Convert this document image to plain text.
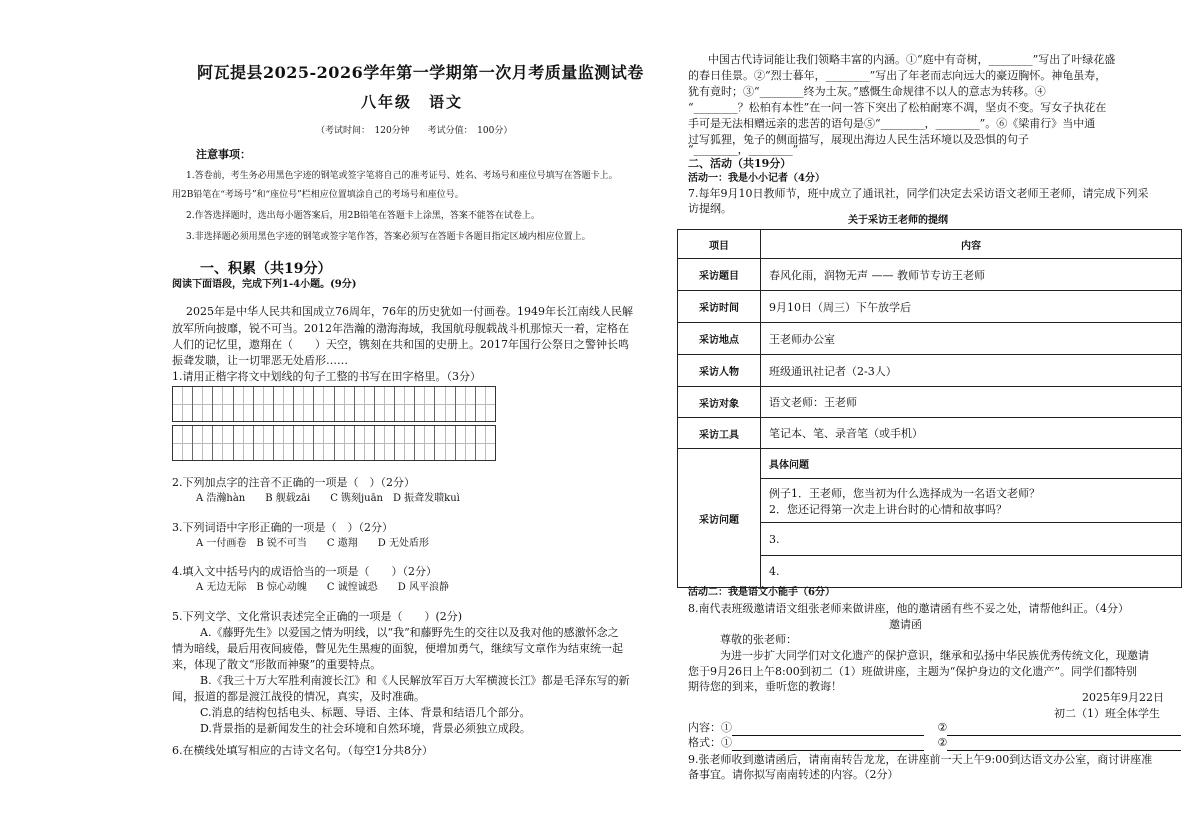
阿瓦提县2025-2026学年第一学期第一次月考质量监测试卷
八年级　语文
（考试时间：　120分钟　　考试分值：　100分）
注意事项：
1.答卷前，考生务必用黑色字迹的钢笔或签字笔将自己的准考证号、姓名、考场号和座位号填写在答题卡上。
用2B铅笔在“考场号”和“座位号”栏相应位置填涂自己的考场号和座位号。
2.作答选择题时，选出每小题答案后，用2B铅笔在答题卡上涂黑，答案不能答在试卷上。
3.非选择题必须用黑色字迹的钢笔或签字笔作答，答案必须写在答题卡各题目指定区域内相应位置上。
一、积累（共19分）
阅读下面语段，完成下列1-4小题。(9分)
2025年是中华人民共和国成立76周年，76年的历史犹如一付画卷。1949年长江南线人民解
放军所向披靡，锐不可当。2012年浩瀚的渤海海域，我国航母舰载战斗机那惊天一着，定格在
人们的记忆里，遨翔在（　　）天空，镌刻在共和国的史册上。2017年国行公祭日之警钟长鸣
振聋发聩，让一切罪恶无处盾形……
1.请用正楷字将文中划线的句子工整的书写在田字格里。（3分）
2.下列加点字的注音不正确的一项是（　）（2分）
A 浩瀚hàn　　B 舰载zāi　　C 镌刻juān　D 振聋发聩kuì
3.下列词语中字形正确的一项是（　）（2分）
A 一付画卷　B 锐不可当　　C 遨翔　　D 无处盾形
4.填入文中括号内的成语恰当的一项是（　　）（2分）
A 无边无际　B 惊心动魄　　C 诚惶诚恐　　D 风平浪静
5.下列文学、文化常识表述完全正确的一项是（　　）(2分)
A.《藤野先生》以爱国之情为明线，以“我”和藤野先生的交往以及我对他的感激怀念之
情为暗线，最后用夜间疲倦，瞥见先生黑瘦的面貌，便增加勇气，继续写文章作为结束统一起
来，体现了散文“形散而神聚”的重要特点。
B.《我三十万大军胜利南渡长江》和《人民解放军百万大军横渡长江》都是毛泽东写的新
闻，报道的都是渡江战役的情况，真实，及时准确。
C.消息的结构包括电头、标题、导语、主体、背景和结语几个部分。
D.背景指的是新闻发生的社会环境和自然环境，背景必须独立成段。
6.在横线处填写相应的古诗文名句。（每空1分共8分）
中国古代诗词能让我们领略丰富的内涵。①“庭中有奇树，________”写出了叶绿花盛
的春日佳景。②“烈士暮年，________”写出了年老而志向远大的豪迈胸怀。神龟虽寿，
犹有竟时；③“________终为土灰。”感慨生命规律不以人的意志为转移。④
“________？松柏有本性”在一问一答下突出了松柏耐寒不凋，坚贞不变。写女子执花在
手可是无法相赠远亲的悲苦的语句是⑤“________，________”。⑥《梁甫行》当中通
过写狐狸，兔子的侧面描写，展现出海边人民生活环境以及恐惧的句子
“________，________”
二、活动（共19分）
活动一：我是小小记者（4分）
7.每年9月10日教师节，班中成立了通讯社，同学们决定去采访语文老师王老师，请完成下列采
访提纲。
关于采访王老师的提纲
项目	内容
采访题目	春风化雨，润物无声 —— 教师节专访王老师
采访时间	9月10日（周三）下午放学后
采访地点	王老师办公室
采访人物	班级通讯社记者（2-3人）
采访对象	语文老师：王老师
采访工具	笔记本、笔、录音笔（或手机）
采访问题	具体问题

	例子1．王老师，您当初为什么选择成为一名语文老师？
2．您还记得第一次走上讲台时的心情和故事吗？

	3.
	4.
活动二：我是语文小能手（6分）
8.南代表班级邀请语文组张老师来做讲座，他的邀请函有些不妥之处，请帮他纠正。（4分）
邀请函
尊敬的张老师：
为进一步扩大同学们对文化遗产的保护意识，继承和弘扬中华民族优秀传统文化，现邀请
您于9月26日上午8:00到初二（1）班做讲座，主题为“保护身边的文化遗产”。同学们都特别
期待您的到来，垂听您的教诲！
2025年9月22日
初二（1）班全体学生
内容：①	②
格式：①	②
9.张老师收到邀请函后，请南南转告龙龙，在讲座前一天上午9:00到达语文办公室，商讨讲座准
备事宜。请你拟写南南转述的内容。（2分）
